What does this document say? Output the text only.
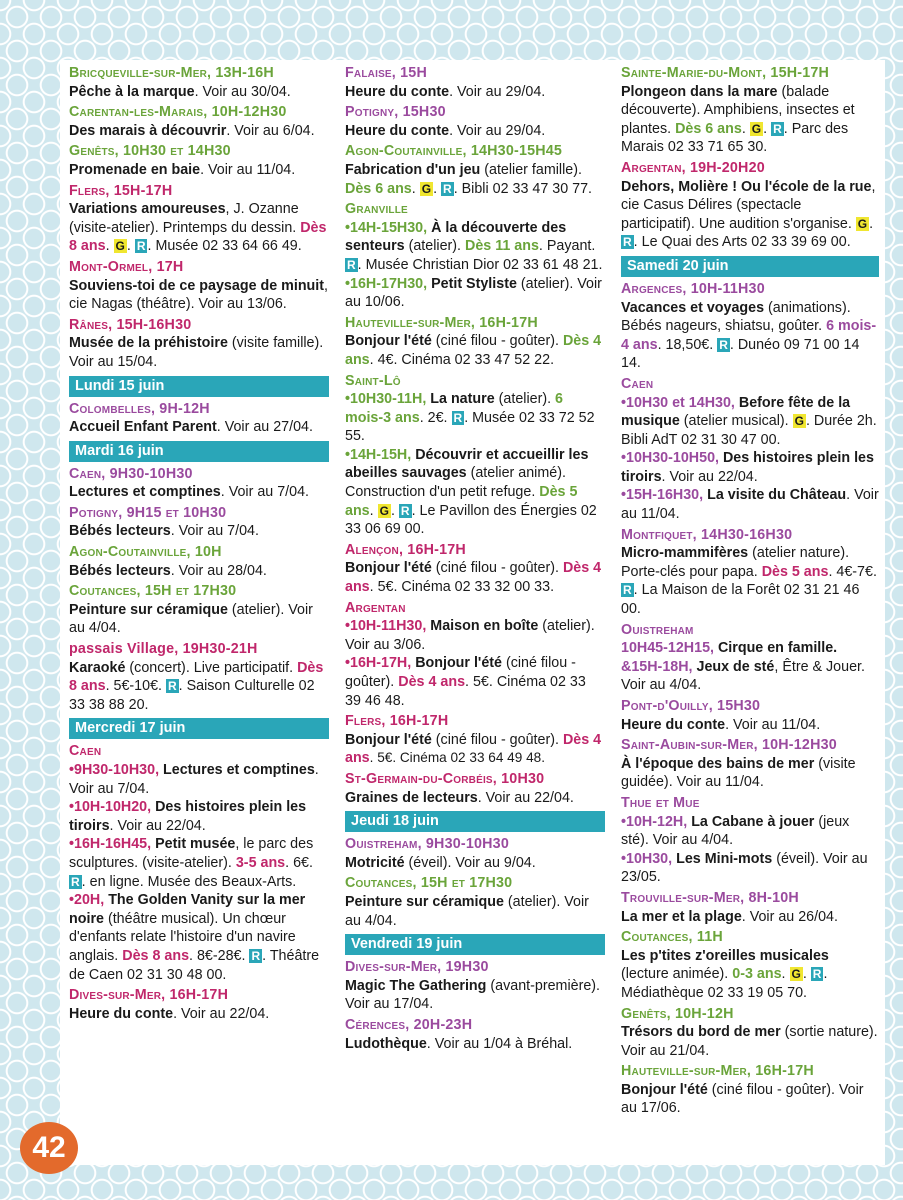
Bricqueville-sur-Mer, 13H-16H
Pêche à la marque. Voir au 30/04.
Carentan-les-Marais, 10H-12H30
Des marais à découvrir. Voir au 6/04.
Genêts, 10H30 et 14H30
Promenade en baie. Voir au 11/04.
Flers, 15H-17H
Variations amoureuses, J. Ozanne (visite-atelier). Printemps du dessin. Dès 8 ans. G . R . Musée 02 33 64 66 49.
Mont-Ormel, 17H
Souviens-toi de ce paysage de minuit, cie Nagas (théâtre). Voir au 13/06.
Rânes, 15H-16H30
Musée de la préhistoire (visite famille). Voir au 15/04.
Lundi 15 juin
Colombelles, 9H-12H
Accueil Enfant Parent. Voir au 27/04.
Mardi 16 juin
Caen, 9H30-10H30
Lectures et comptines. Voir au 7/04.
Potigny, 9H15 et 10H30
Bébés lecteurs. Voir au 7/04.
Agon-Coutainville, 10H
Bébés lecteurs. Voir au 28/04.
Coutances, 15H et 17H30
Peinture sur céramique (atelier). Voir au 4/04.
passais Village, 19H30-21H
Karaoké (concert). Live participatif. Dès 8 ans. 5€-10€. R . Saison Culturelle 02 33 38 88 20.
Mercredi 17 juin
Caen
•9H30-10H30, Lectures et comptines. Voir au 7/04.
•10H-10H20, Des histoires plein les tiroirs. Voir au 22/04.
•16H-16H45, Petit musée, le parc des sculptures. (visite-atelier). 3-5 ans. 6€. R . en ligne. Musée des Beaux-Arts.
•20H, The Golden Vanity sur la mer noire (théâtre musical). Un chœur d'enfants relate l'histoire d'un navire anglais. Dès 8 ans. 8€-28€. R . Théâtre de Caen 02 31 30 48 00.
Dives-sur-Mer, 16H-17H
Heure du conte. Voir au 22/04.
Falaise, 15H
Heure du conte. Voir au 29/04.
Potigny, 15H30
Heure du conte. Voir au 29/04.
Agon-Coutainville, 14H30-15H45
Fabrication d'un jeu (atelier famille). Dès 6 ans. G . R . Bibli 02 33 47 30 77.
Granville
•14H-15H30, À la découverte des senteurs (atelier). Dès 11 ans. Payant. R . Musée Christian Dior 02 33 61 48 21.
•16H-17H30, Petit Styliste (atelier). Voir au 10/06.
Hauteville-sur-Mer, 16H-17H
Bonjour l'été (ciné filou - goûter). Dès 4 ans. 4€. Cinéma 02 33 47 52 22.
Saint-Lô
•10H30-11H, La nature (atelier). 6 mois-3 ans. 2€. R . Musée 02 33 72 52 55.
•14H-15H, Découvrir et accueillir les abeilles sauvages (atelier animé). Construction d'un petit refuge. Dès 5 ans. G . R . Le Pavillon des Énergies 02 33 06 69 00.
Alençon, 16H-17H
Bonjour l'été (ciné filou - goûter). Dès 4 ans. 5€. Cinéma 02 33 32 00 33.
Argentan
•10H-11H30, Maison en boîte (atelier). Voir au 3/06.
•16H-17H, Bonjour l'été (ciné filou - goûter). Dès 4 ans. 5€. Cinéma 02 33 39 46 48.
Flers, 16H-17H
Bonjour l'été (ciné filou - goûter). Dès 4 ans. 5€. Cinéma 02 33 64 49 48.
St-Germain-du-Corbéis, 10H30
Graines de lecteurs. Voir au 22/04.
Jeudi 18 juin
Ouistreham, 9H30-10H30
Motricité (éveil). Voir au 9/04.
Coutances, 15H et 17H30
Peinture sur céramique (atelier). Voir au 4/04.
Vendredi 19 juin
Dives-sur-Mer, 19H30
Magic The Gathering (avant-première). Voir au 17/04.
Cérences, 20H-23H
Ludothèque. Voir au 1/04 à Bréhal.
Sainte-Marie-du-Mont, 15H-17H
Plongeon dans la mare (balade découverte). Amphibiens, insectes et plantes. Dès 6 ans. G . R . Parc des Marais 02 33 71 65 30.
Argentan, 19H-20H20
Dehors, Molière ! Ou l'école de la rue, cie Casus Délires (spectacle participatif). Une audition s'organise. G . R . Le Quai des Arts 02 33 39 69 00.
Samedi 20 juin
Argences, 10H-11H30
Vacances et voyages (animations). Bébés nageurs, shiatsu, goûter. 6 mois-4 ans. 18,50€. R . Dunéo 09 71 00 14 14.
Caen
•10H30 et 14H30, Before fête de la musique (atelier musical). G . Durée 2h. Bibli AdT 02 31 30 47 00.
•10H30-10H50, Des histoires plein les tiroirs. Voir au 22/04.
•15H-16H30, La visite du Château. Voir au 11/04.
Montfiquet, 14H30-16H30
Micro-mammifères (atelier nature). Porte-clés pour papa. Dès 5 ans. 4€-7€. R . La Maison de la Forêt 02 31 21 46 00.
Ouistreham
10H45-12H15, Cirque en famille.
&15H-18H, Jeux de sté, Être & Jouer. Voir au 4/04.
Pont-d'Ouilly, 15H30
Heure du conte. Voir au 11/04.
Saint-Aubin-sur-Mer, 10H-12H30
À l'époque des bains de mer (visite guidée). Voir au 11/04.
Thue et Mue
•10H-12H, La Cabane à jouer (jeux sté). Voir au 4/04.
•10H30, Les Mini-mots (éveil). Voir au 23/05.
Trouville-sur-Mer, 8H-10H
La mer et la plage. Voir au 26/04.
Coutances, 11H
Les p'tites z'oreilles musicales (lecture animée). 0-3 ans. G . R . Médiathèque 02 33 19 05 70.
Genêts, 10H-12H
Trésors du bord de mer (sortie nature). Voir au 21/04.
Hauteville-sur-Mer, 16H-17H
Bonjour l'été (ciné filou - goûter). Voir au 17/06.
42
